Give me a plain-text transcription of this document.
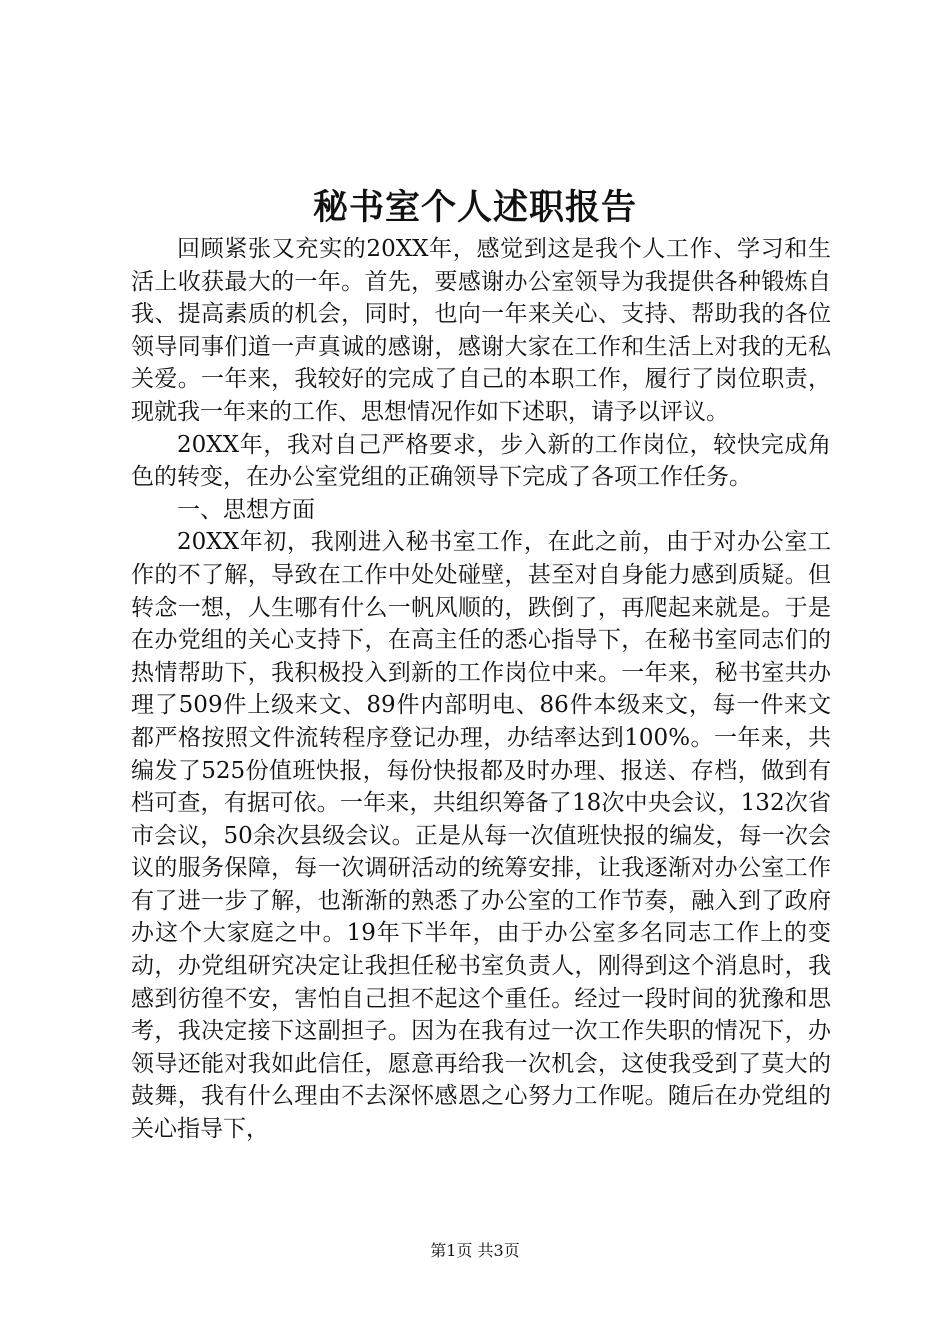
秘书室个人述职报告

回顾紧张又充实的20XX年，感觉到这是我个人工作、学习和生活上收获最大的一年。首先，要感谢办公室领导为我提供各种锻炼自我、提高素质的机会，同时，也向一年来关心、支持、帮助我的各位领导同事们道一声真诚的感谢，感谢大家在工作和生活上对我的无私关爱。一年来，我较好的完成了自己的本职工作，履行了岗位职责，现就我一年来的工作、思想情况作如下述职，请予以评议。

20XX年，我对自己严格要求，步入新的工作岗位，较快完成角色的转变，在办公室党组的正确领导下完成了各项工作任务。

一、思想方面

20XX年初，我刚进入秘书室工作，在此之前，由于对办公室工作的不了解，导致在工作中处处碰壁，甚至对自身能力感到质疑。但转念一想，人生哪有什么一帆风顺的，跌倒了，再爬起来就是。于是在办党组的关心支持下，在高主任的悉心指导下，在秘书室同志们的热情帮助下，我积极投入到新的工作岗位中来。一年来，秘书室共办理了509件上级来文、89件内部明电、86件本级来文，每一件来文都严格按照文件流转程序登记办理，办结率达到100%。一年来，共编发了525份值班快报，每份快报都及时办理、报送、存档，做到有档可查，有据可依。一年来，共组织筹备了18次中央会议，132次省市会议，50余次县级会议。正是从每一次值班快报的编发，每一次会议的服务保障，每一次调研活动的统筹安排，让我逐渐对办公室工作有了进一步了解，也渐渐的熟悉了办公室的工作节奏，融入到了政府办这个大家庭之中。19年下半年，由于办公室多名同志工作上的变动，办党组研究决定让我担任秘书室负责人，刚得到这个消息时，我感到彷徨不安，害怕自己担不起这个重任。经过一段时间的犹豫和思考，我决定接下这副担子。因为在我有过一次工作失职的情况下，办领导还能对我如此信任，愿意再给我一次机会，这使我受到了莫大的鼓舞，我有什么理由不去深怀感恩之心努力工作呢。随后在办党组的关心指导下，

第1页 共3页
